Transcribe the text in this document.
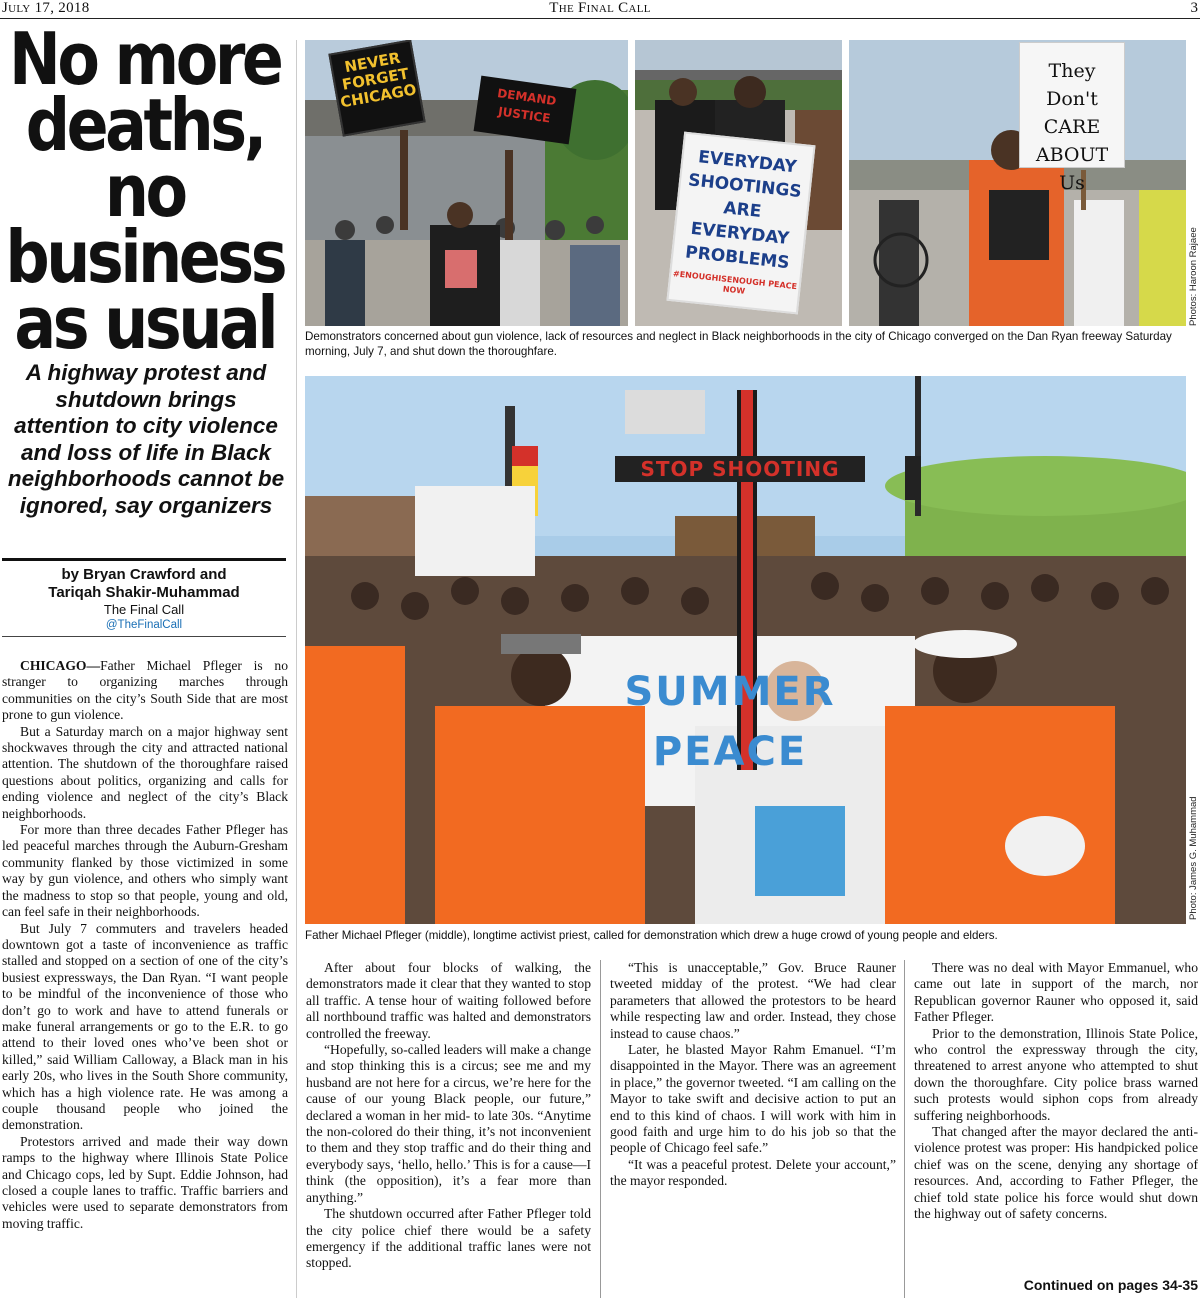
July 17, 2018	The Final Call	3
No more
deaths, no
business
as usual
A highway protest and shutdown brings attention to city violence and loss of life in Black neighborhoods cannot be ignored, say organizers
by Bryan Crawford and
Tariqah Shakir-Muhammad
The Final Call
@TheFinalCall
NEVER FORGET CHICAGO	DEMAND JUSTICE
EVERYDAY SHOOTINGS ARE EVERYDAY PROBLEMS
#ENOUGHISENOUGH PEACE NOW
They Don't CARE ABOUT Us
Photos: Haroon Rajaee
Demonstrators concerned about gun violence, lack of resources and neglect in Black neighborhoods in the city of Chicago converged on the Dan Ryan freeway Saturday morning, July 7, and shut down the thoroughfare.
STOP SHOOTING
SUMMER PEACE
Photo: James G. Muhammad
Father Michael Pfleger (middle), longtime activist priest, called for demonstration which drew a huge crowd of young people and elders.

CHICAGO—Father Michael Pfleger is no stranger to organizing marches through communities on the city’s South Side that are most prone to gun violence.

But a Saturday march on a major highway sent shockwaves through the city and attracted national attention. The shutdown of the thoroughfare raised questions about politics, organizing and calls for ending violence and neglect of the city’s Black neighborhoods.

For more than three decades Father Pfleger has led peaceful marches through the Auburn-Gresham community flanked by those victimized in some way by gun violence, and others who simply want the madness to stop so that people, young and old, can feel safe in their neighborhoods.

But July 7 commuters and travelers headed downtown got a taste of inconvenience as traffic stalled and stopped on a section of one of the city’s busiest expressways, the Dan Ryan. “I want people to be mindful of the inconvenience of those who don’t go to work and have to attend funerals or make funeral arrangements or go to the E.R. to go attend to their loved ones who’ve been shot or killed,” said William Calloway, a Black man in his early 20s, who lives in the South Shore community, which has a high violence rate. He was among a couple thousand people who joined the demonstration.

Protestors arrived and made their way down ramps to the highway where Illinois State Police and Chicago cops, led by Supt. Eddie Johnson, had closed a couple lanes to traffic. Traffic barriers and vehicles were used to separate demonstrators from moving traffic.

After about four blocks of walking, the demonstrators made it clear that they wanted to stop all traffic. A tense hour of waiting followed before all northbound traffic was halted and demonstrators controlled the freeway.

“Hopefully, so-called leaders will make a change and stop thinking this is a circus; see me and my husband are not here for a circus, we’re here for the cause of our young Black people, our future,” declared a woman in her mid- to late 30s. “Anytime the non-colored do their thing, it’s not inconvenient to them and they stop traffic and do their thing and everybody says, ‘hello, hello.’ This is for a cause—I think (the opposition), it’s a fear more than anything.”

The shutdown occurred after Father Pfleger told the city police chief there would be a safety emergency if the additional traffic lanes were not stopped.

“This is unacceptable,” Gov. Bruce Rauner tweeted midday of the protest. “We had clear parameters that allowed the protestors to be heard while respecting law and order. Instead, they chose instead to cause chaos.”

Later, he blasted Mayor Rahm Emanuel. “I’m disappointed in the Mayor. There was an agreement in place,” the governor tweeted. “I am calling on the Mayor to take swift and decisive action to put an end to this kind of chaos. I will work with him in good faith and urge him to do his job so that the people of Chicago feel safe.”

“It was a peaceful protest. Delete your account,” the mayor responded.

There was no deal with Mayor Emmanuel, who came out late in support of the march, nor Republican governor Rauner who opposed it, said Father Pfleger.

Prior to the demonstration, Illinois State Police, who control the expressway through the city, threatened to arrest anyone who attempted to shut down the thoroughfare. City police brass warned such protests would siphon cops from already suffering neighborhoods.

That changed after the mayor declared the anti-violence protest was proper: His handpicked police chief was on the scene, denying any shortage of resources. And, according to Father Pfleger, the chief told state police his force would shut down the highway out of safety concerns.

Continued on pages 34-35
